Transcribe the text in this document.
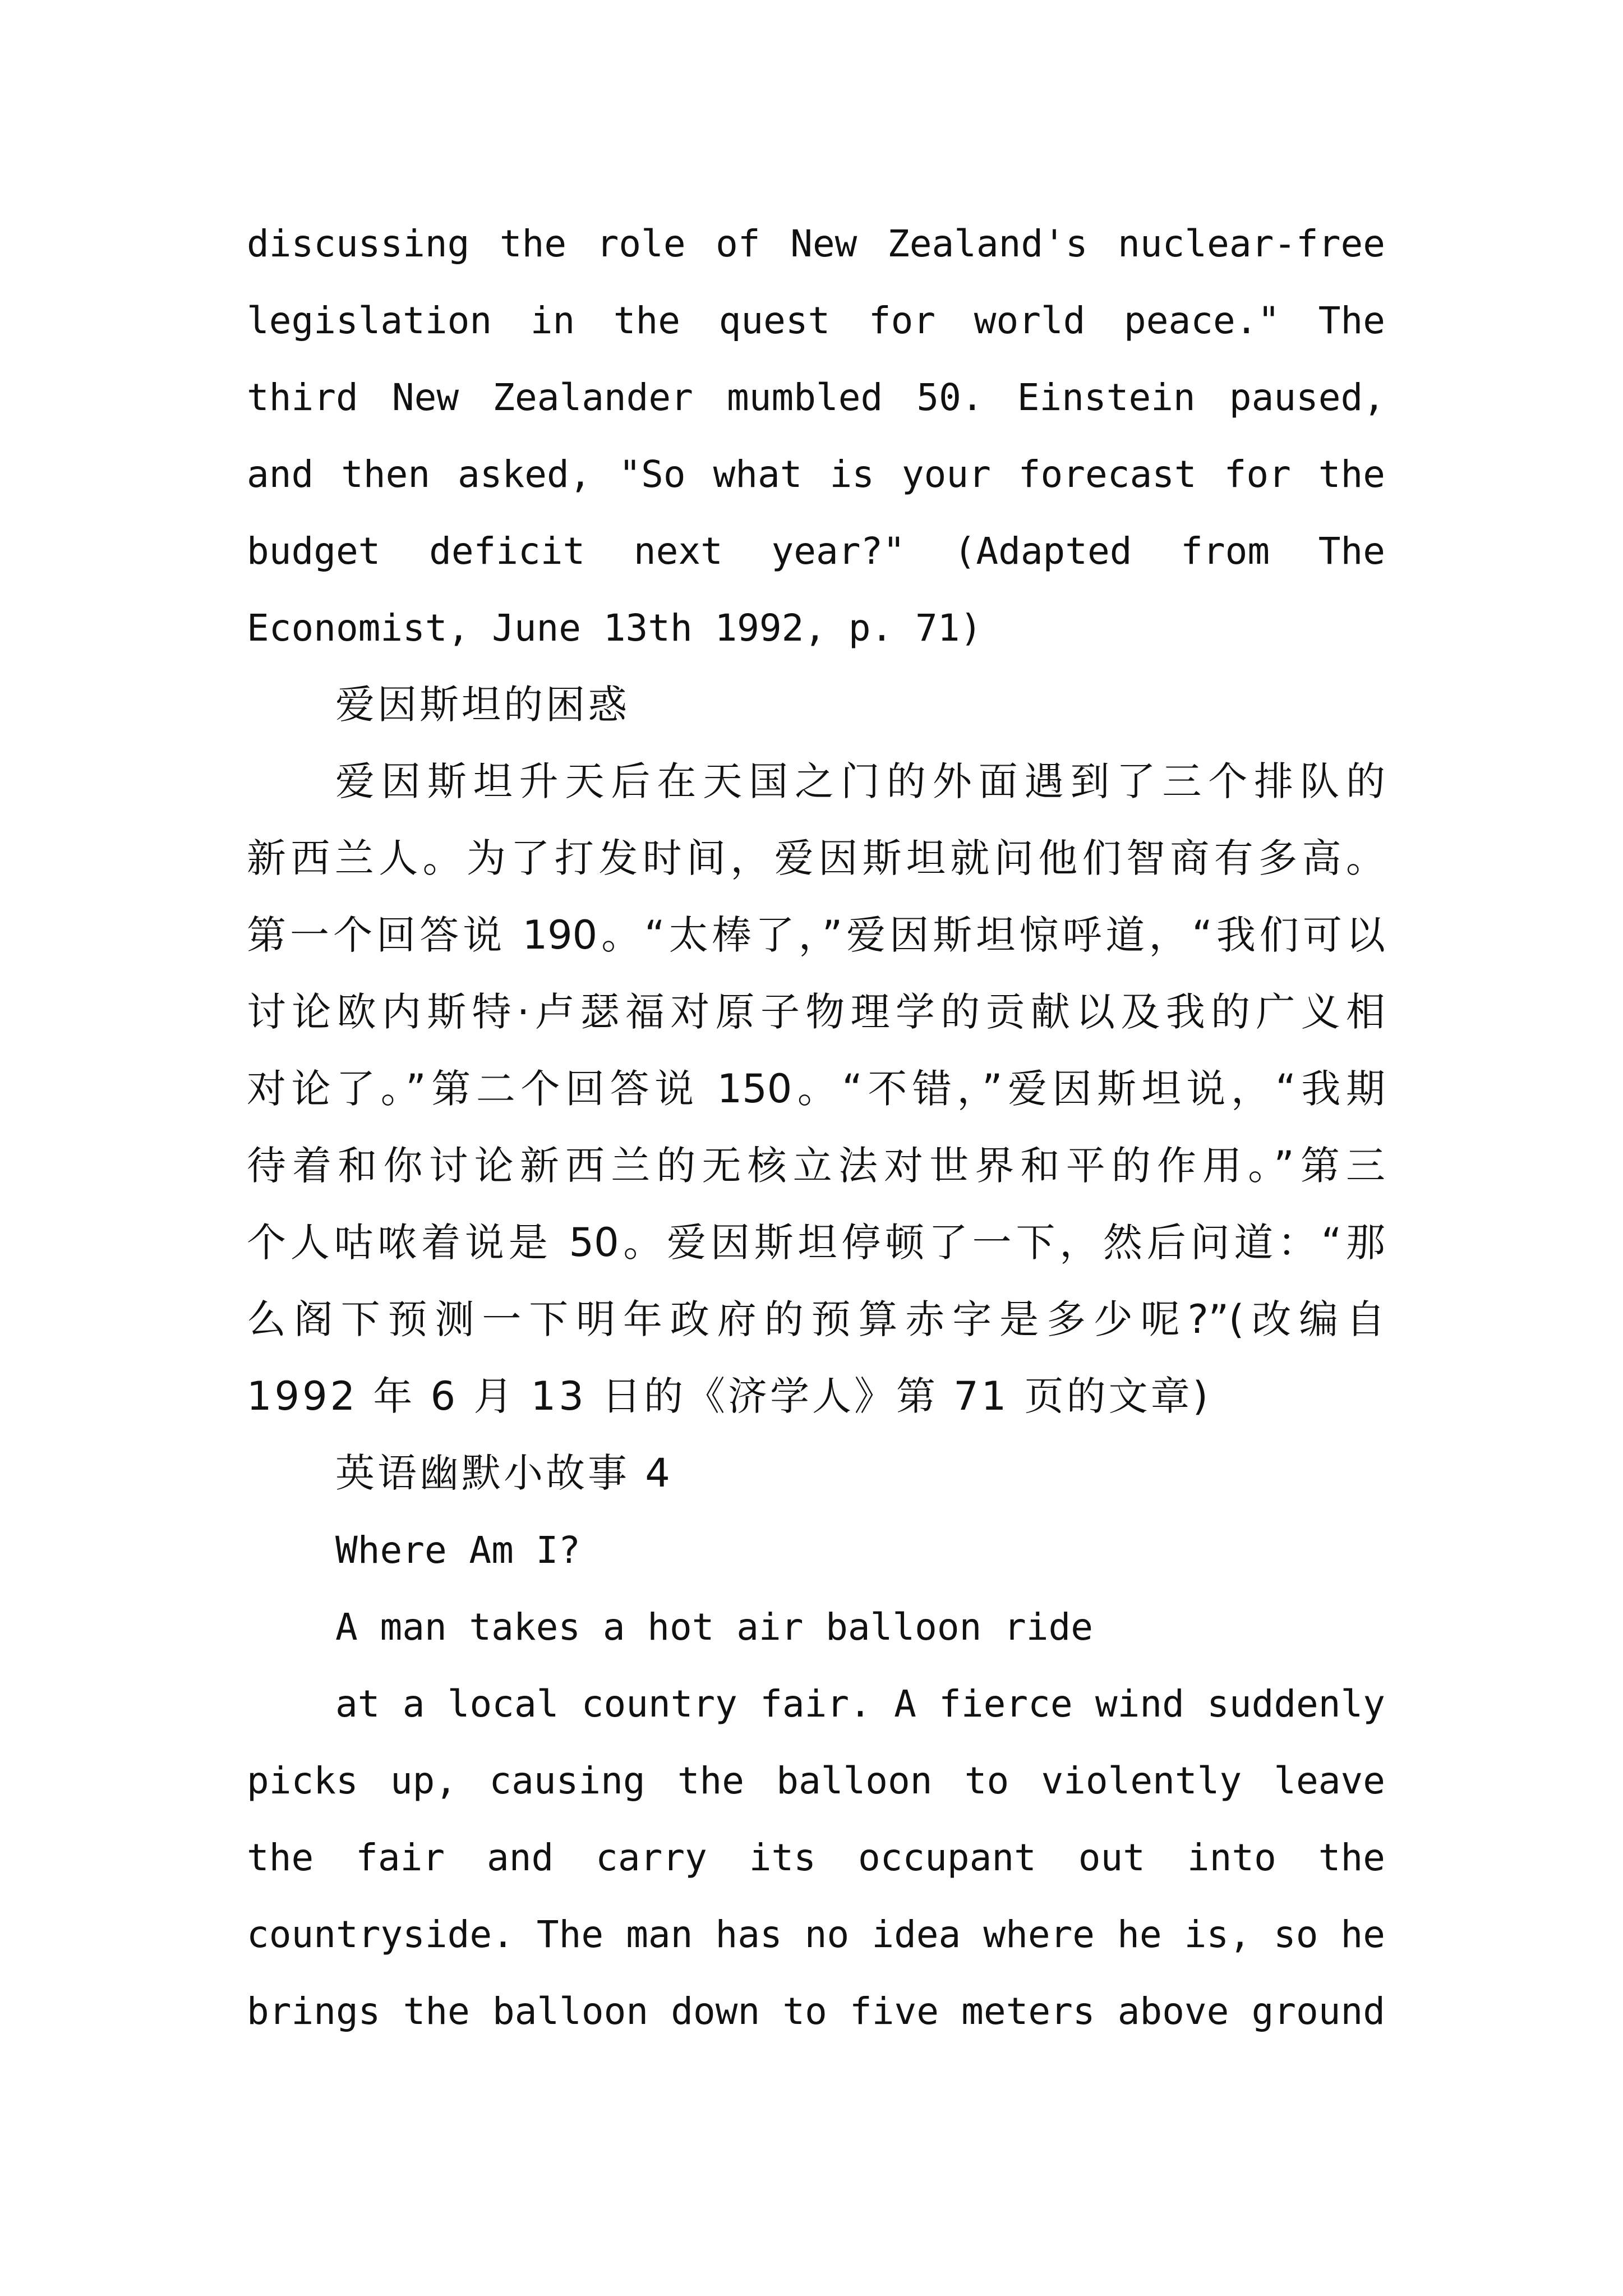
discussing the role of New Zealand's nuclear-free

legislation in the quest for world peace." The

third New Zealander mumbled 50. Einstein paused,

and then asked, "So what is your forecast for the

budget deficit next year?" (Adapted from The

Economist, June 13th 1992, p. 71)

爱因斯坦的困惑

爱因斯坦升天后在天国之门的外面遇到了三个排队的

新西兰人。为了打发时间，爱因斯坦就问他们智商有多高。

第一个回答说 190。“太棒了，”爱因斯坦惊呼道，“我们可以

讨论欧内斯特·卢瑟福对原子物理学的贡献以及我的广义相

对论了。”第二个回答说 150。“不错，”爱因斯坦说，“我期

待着和你讨论新西兰的无核立法对世界和平的作用。”第三

个人咕哝着说是 50。爱因斯坦停顿了一下，然后问道：“那

么阁下预测一下明年政府的预算赤字是多少呢?”(改编自

1992 年 6 月 13 日的《济学人》第 71 页的文章)

英语幽默小故事 4

Where Am I?

A man takes a hot air balloon ride

at a local country fair. A fierce wind suddenly

picks up, causing the balloon to violently leave

the fair and carry its occupant out into the

countryside. The man has no idea where he is, so he

brings the balloon down to five meters above ground
